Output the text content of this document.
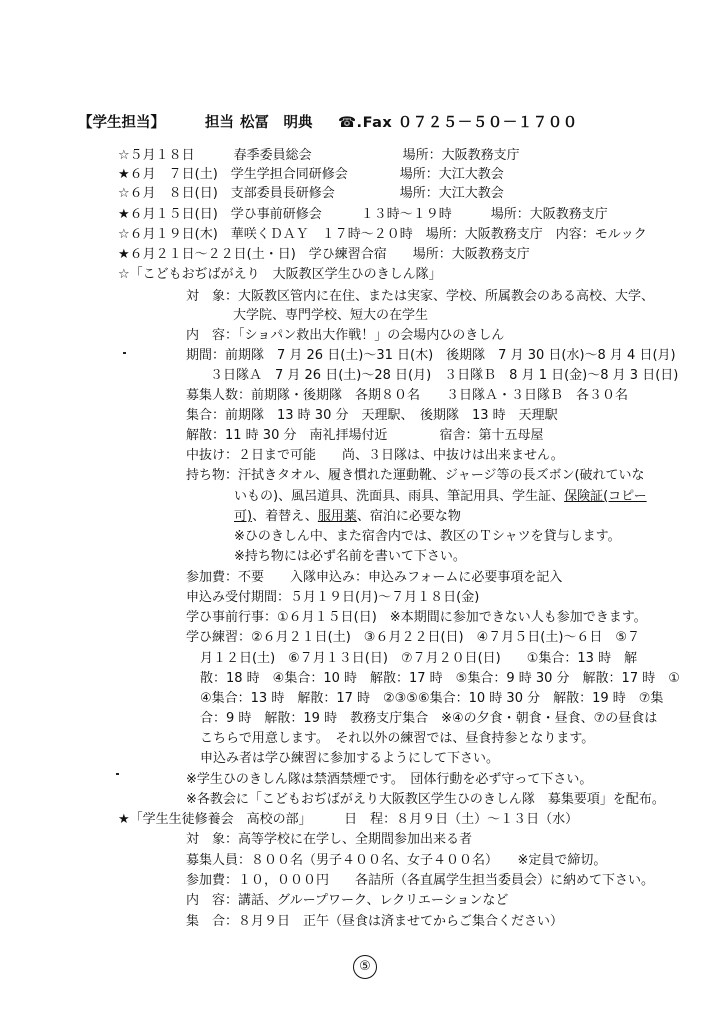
【学生担当】	担当 松冨　明典 ☎.Fax ０７２５－５０－１７００
☆５月１８日　　　春季委員総会　　　　　　　場所：大阪教務支庁
★６月　７日(土)　学生学担合同研修会　　　　場所：大江大教会
☆６月　８日(日)　支部委員長研修会　　　　　場所：大江大教会
★６月１５日(日)　学ひ事前研修会　　　１３時～１９時　　　場所：大阪教務支庁
☆６月１９日(木)　華咲くＤＡＹ　１７時～２０時　場所：大阪教務支庁　内容：モルック
★６月２１日～２２日(土・日)　学ひ練習合宿　　場所：大阪教務支庁
☆「こどもおぢばがえり　大阪教区学生ひのきしん隊」
対　象：大阪教区管内に在住、または実家、学校、所属教会のある高校、大学、
大学院、専門学校、短大の在学生
内　容：「ショパン救出大作戦！」の会場内ひのきしん
期間：前期隊　7 月 26 日(土)～31 日(木)　後期隊　7 月 30 日(水)～8 月 4 日(月)
３日隊Ａ　7 月 26 日(土)～28 日(月)　３日隊Ｂ　8 月 1 日(金)～8 月 3 日(日)
募集人数：前期隊・後期隊　各期８０名　　３日隊Ａ・３日隊Ｂ　各３０名
集合：前期隊　13 時 30 分　天理駅、　後期隊　13 時　天理駅
解散：11 時 30 分　南礼拝場付近　　　　宿舎：第十五母屋
中抜け：２日まで可能　　尚、３日隊は、中抜けは出来ません。
持ち物：汗拭きタオル、履き慣れた運動靴、ジャージ等の長ズボン(破れていな
いもの)、風呂道具、洗面具、雨具、筆記用具、学生証、保険証(コピー
可)、着替え、服用薬、宿泊に必要な物
※ひのきしん中、また宿舎内では、教区のＴシャツを貸与します。
※持ち物には必ず名前を書いて下さい。
参加費：不要　　入隊申込み：申込みフォームに必要事項を記入
申込み受付期間：５月１９日(月)～７月１８日(金)
学ひ事前行事：①６月１５日(日)　※本期間に参加できない人も参加できます。
学ひ練習：②６月２１日(土)　③６月２２日(日)　④７月５日(土)～６日　⑤７
月１２日(土)　⑥７月１３日(日)　⑦７月２０日(日)　　①集合：13 時　解
散：18 時　④集合：10 時　解散：17 時　⑤集合：9 時 30 分　解散：17 時　①
④集合：13 時　解散：17 時　②③⑤⑥集合：10 時 30 分　解散：19 時　⑦集
合：9 時　解散：19 時　教務支庁集合　※④の夕食・朝食・昼食、⑦の昼食は
こちらで用意します。　それ以外の練習では、昼食持参となります。
申込み者は学ひ練習に参加するようにして下さい。
※学生ひのきしん隊は禁酒禁煙です。　団体行動を必ず守って下さい。
※各教会に「こどもおぢばがえり大阪教区学生ひのきしん隊　募集要項」を配布。
★「学生生徒修養会　高校の部」　　　日　程：８月９日（土）～１３日（水）
対　象：高等学校に在学し、全期間参加出来る者
募集人員：８００名（男子４００名、女子４００名）　　※定員で締切。
参加費：１０，０００円　　各詰所（各直属学生担当委員会）に納めて下さい。
内　容：講話、グループワーク、レクリエーションなど
集　合：８月９日　正午（昼食は済ませてからご集合ください）
⑤
